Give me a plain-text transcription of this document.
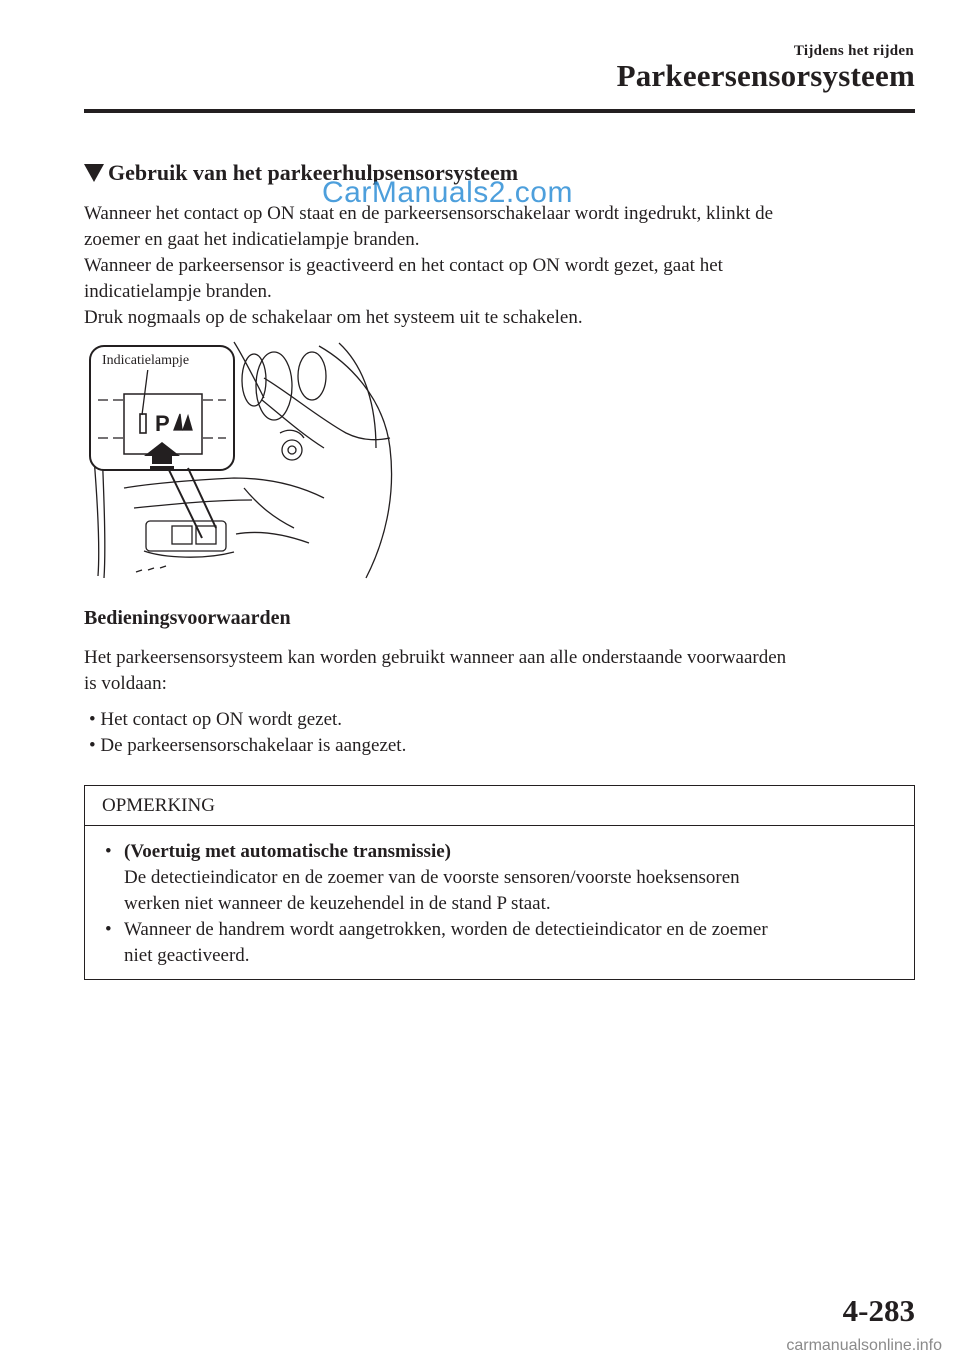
Tijdens het rijden
Parkeersensorsysteem
Gebruik van het parkeerhulpsensorsysteem

Wanneer het contact op ON staat en de parkeersensorschakelaar wordt ingedrukt, klinkt de
zoemer en gaat het indicatielampje branden.
Wanneer de parkeersensor is geactiveerd en het contact op ON wordt gezet, gaat het
indicatielampje branden.
Druk nogmaals op de schakelaar om het systeem uit te schakelen.

CarManuals2.com
P
Indicatielampje
Bedieningsvoorwaarden

Het parkeersensorsysteem kan worden gebruikt wanneer aan alle onderstaande voorwaarden
is voldaan:

• Het contact op ON wordt gezet.
• De parkeersensorschakelaar is aangezet.
OPMERKING
• (Voertuig met automatische transmissie)
De detectieindicator en de zoemer van de voorste sensoren/voorste hoeksensoren
werken niet wanneer de keuzehendel in de stand P staat.
• Wanneer de handrem wordt aangetrokken, worden de detectieindicator en de zoemer
niet geactiveerd.
4-283
carmanualsonline.info
